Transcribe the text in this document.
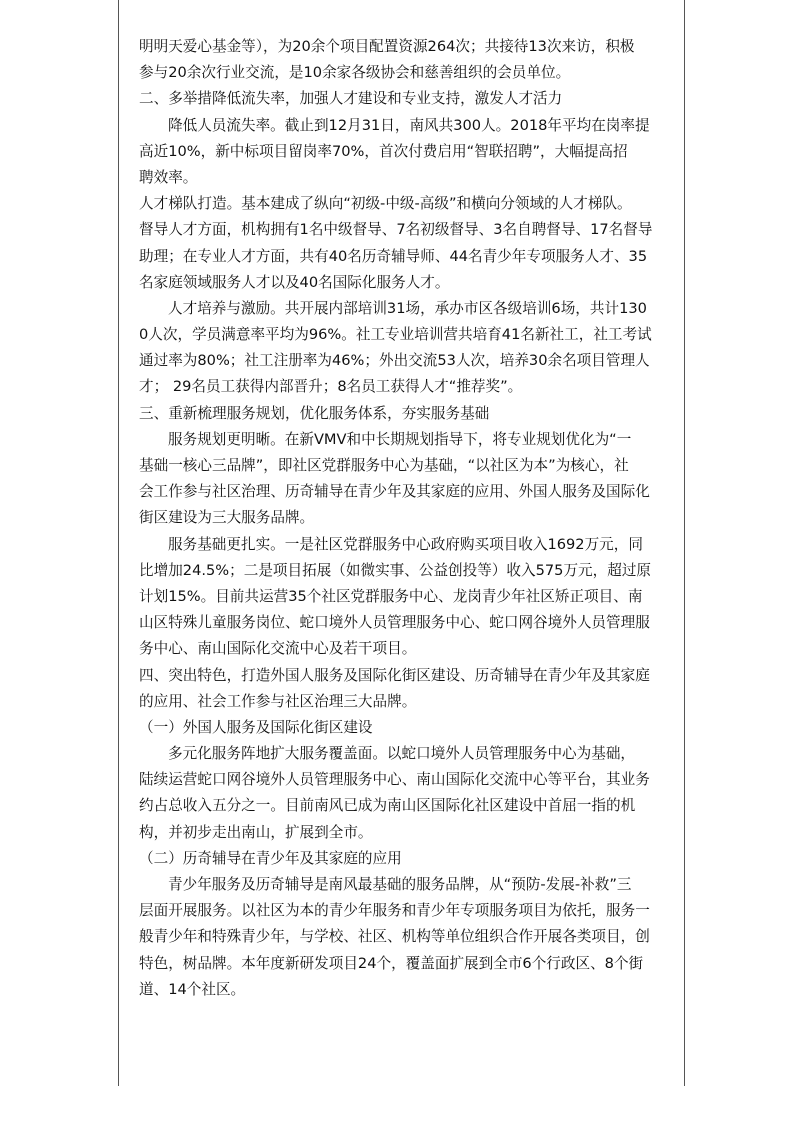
明明天爱心基金等），为20余个项目配置资源264次；共接待13次来访，积极
参与20余次行业交流，是10余家各级协会和慈善组织的会员单位。
二、多举措降低流失率，加强人才建设和专业支持，激发人才活力
降低人员流失率。截止到12月31日，南风共300人。2018年平均在岗率提
高近10%，新中标项目留岗率70%，首次付费启用“智联招聘”，大幅提高招
聘效率。
人才梯队打造。基本建成了纵向“初级-中级-高级”和横向分领域的人才梯队。
督导人才方面，机构拥有1名中级督导、7名初级督导、3名自聘督导、17名督导
助理；在专业人才方面，共有40名历奇辅导师、44名青少年专项服务人才、35
名家庭领域服务人才以及40名国际化服务人才。
人才培养与激励。共开展内部培训31场，承办市区各级培训6场，共计130
0人次，学员满意率平均为96%。社工专业培训营共培育41名新社工，社工考试
通过率为80%；社工注册率为46%；外出交流53人次，培养30余名项目管理人
才； 29名员工获得内部晋升；8名员工获得人才“推荐奖”。
三、重新梳理服务规划，优化服务体系，夯实服务基础
服务规划更明晰。在新VMV和中长期规划指导下，将专业规划优化为“一
基础一核心三品牌”，即社区党群服务中心为基础，“以社区为本”为核心，社
会工作参与社区治理、历奇辅导在青少年及其家庭的应用、外国人服务及国际化
街区建设为三大服务品牌。
服务基础更扎实。一是社区党群服务中心政府购买项目收入1692万元，同
比增加24.5%；二是项目拓展（如微实事、公益创投等）收入575万元，超过原
计划15%。目前共运营35个社区党群服务中心、龙岗青少年社区矫正项目、南
山区特殊儿童服务岗位、蛇口境外人员管理服务中心、蛇口网谷境外人员管理服
务中心、南山国际化交流中心及若干项目。
四、突出特色，打造外国人服务及国际化街区建设、历奇辅导在青少年及其家庭
的应用、社会工作参与社区治理三大品牌。
（一）外国人服务及国际化街区建设
多元化服务阵地扩大服务覆盖面。以蛇口境外人员管理服务中心为基础，
陆续运营蛇口网谷境外人员管理服务中心、南山国际化交流中心等平台，其业务
约占总收入五分之一。目前南风已成为南山区国际化社区建设中首屈一指的机
构，并初步走出南山，扩展到全市。
（二）历奇辅导在青少年及其家庭的应用
青少年服务及历奇辅导是南风最基础的服务品牌，从“预防-发展-补救”三
层面开展服务。以社区为本的青少年服务和青少年专项服务项目为依托，服务一
般青少年和特殊青少年，与学校、社区、机构等单位组织合作开展各类项目，创
特色，树品牌。本年度新研发项目24个，覆盖面扩展到全市6个行政区、8个街
道、14个社区。
